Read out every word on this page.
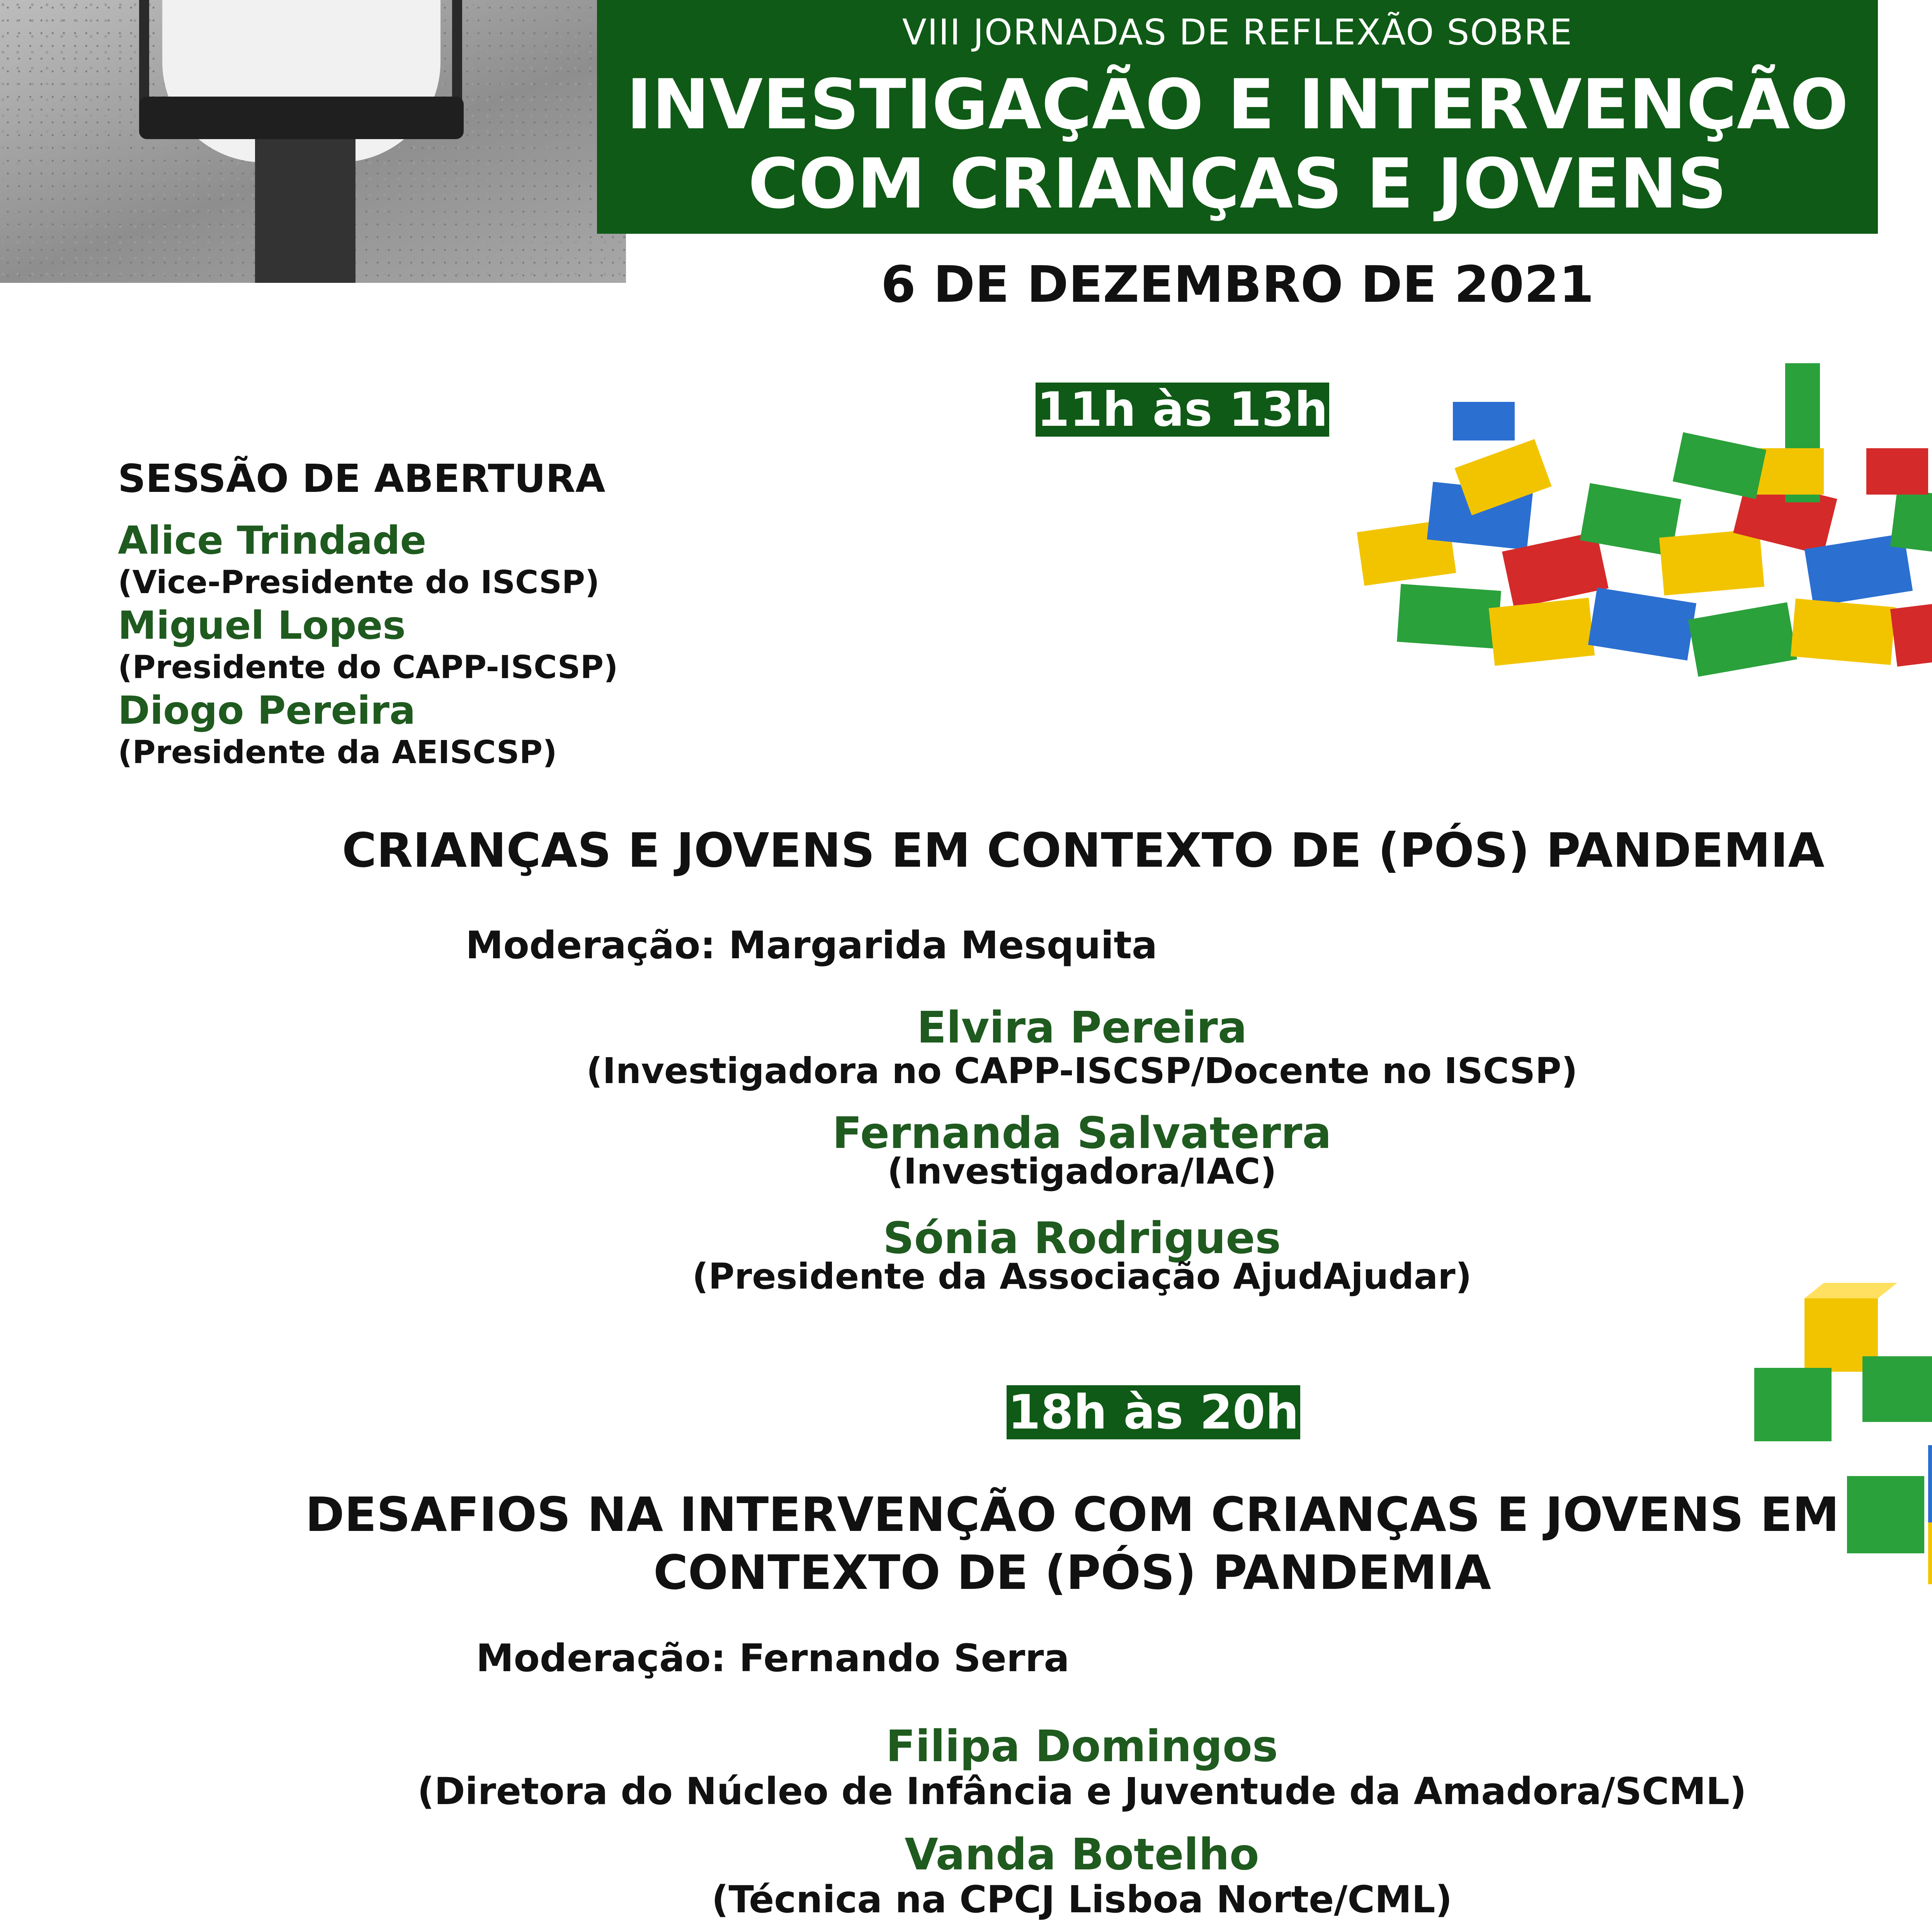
VIII JORNADAS DE REFLEXÃO SOBRE
INVESTIGAÇÃO E INTERVENÇÃO
COM CRIANÇAS E JOVENS
6 DE DEZEMBRO DE 2021
11h às 13h
SESSÃO DE ABERTURA
Alice Trindade
(Vice-Presidente do ISCSP)
Miguel Lopes
(Presidente do CAPP-ISCSP)
Diogo Pereira
(Presidente da AEISCSP)
CRIANÇAS E JOVENS EM CONTEXTO DE (PÓS) PANDEMIA
Moderação: Margarida Mesquita
Elvira Pereira
(Investigadora no CAPP-ISCSP/Docente no ISCSP)
Fernanda Salvaterra
(Investigadora/IAC)
Sónia Rodrigues
(Presidente da Associação AjudAjudar)
18h às 20h
DESAFIOS NA INTERVENÇÃO COM CRIANÇAS E JOVENS EM
CONTEXTO DE (PÓS) PANDEMIA
Moderação: Fernando Serra
Filipa Domingos
(Diretora do Núcleo de Infância e Juventude da Amadora/SCML)
Vanda Botelho
(Técnica na CPCJ Lisboa Norte/CML)
